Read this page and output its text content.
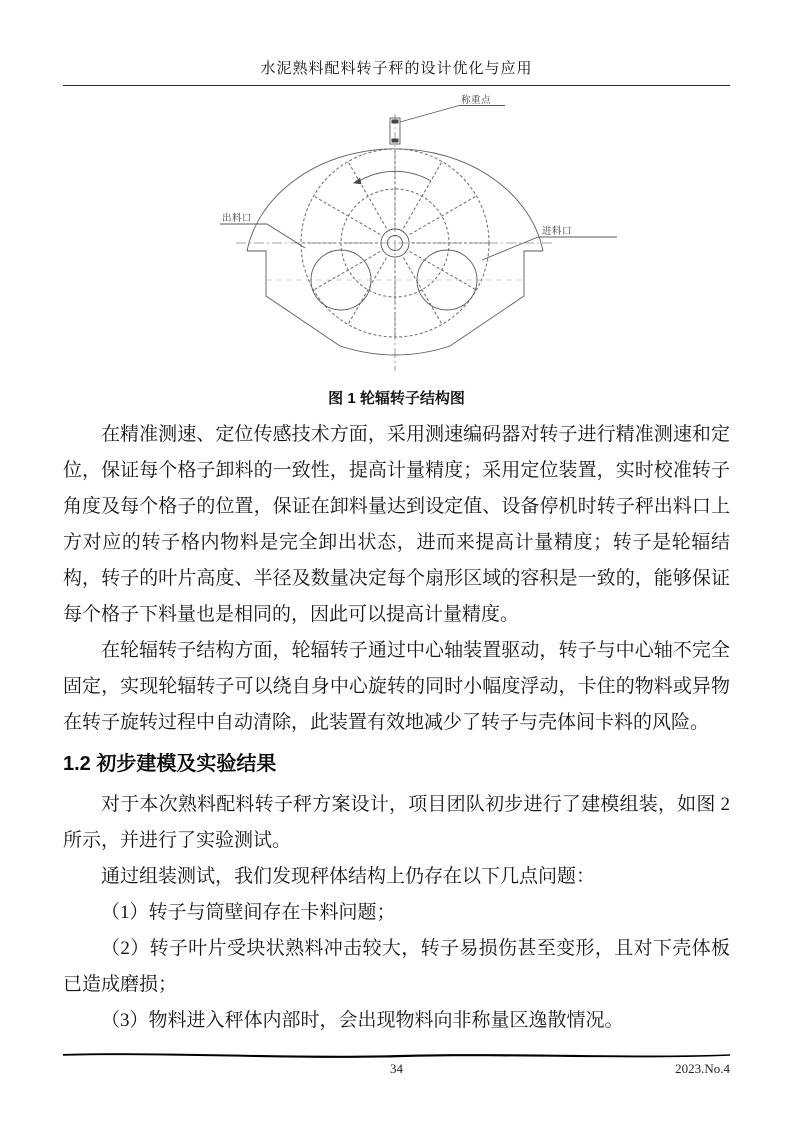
水泥熟料配料转子秤的设计优化与应用
称重点
出料口
进料口
图 1 轮辐转子结构图

在精准测速、定位传感技术方面，采用测速编码器对转子进行精准测速和定位，保证每个格子卸料的一致性，提高计量精度；采用定位装置，实时校准转子角度及每个格子的位置，保证在卸料量达到设定值、设备停机时转子秤出料口上方对应的转子格内物料是完全卸出状态，进而来提高计量精度；转子是轮辐结构，转子的叶片高度、半径及数量决定每个扇形区域的容积是一致的，能够保证每个格子下料量也是相同的，因此可以提高计量精度。

在轮辐转子结构方面，轮辐转子通过中心轴装置驱动，转子与中心轴不完全固定，实现轮辐转子可以绕自身中心旋转的同时小幅度浮动，卡住的物料或异物在转子旋转过程中自动清除，此装置有效地减少了转子与壳体间卡料的风险。

1.2 初步建模及实验结果

对于本次熟料配料转子秤方案设计，项目团队初步进行了建模组装，如图 2 所示，并进行了实验测试。

通过组装测试，我们发现秤体结构上仍存在以下几点问题：

（1）转子与筒壁间存在卡料问题；

（2）转子叶片受块状熟料冲击较大，转子易损伤甚至变形，且对下壳体板已造成磨损；

（3）物料进入秤体内部时，会出现物料向非称量区逸散情况。

34	2023.No.4
